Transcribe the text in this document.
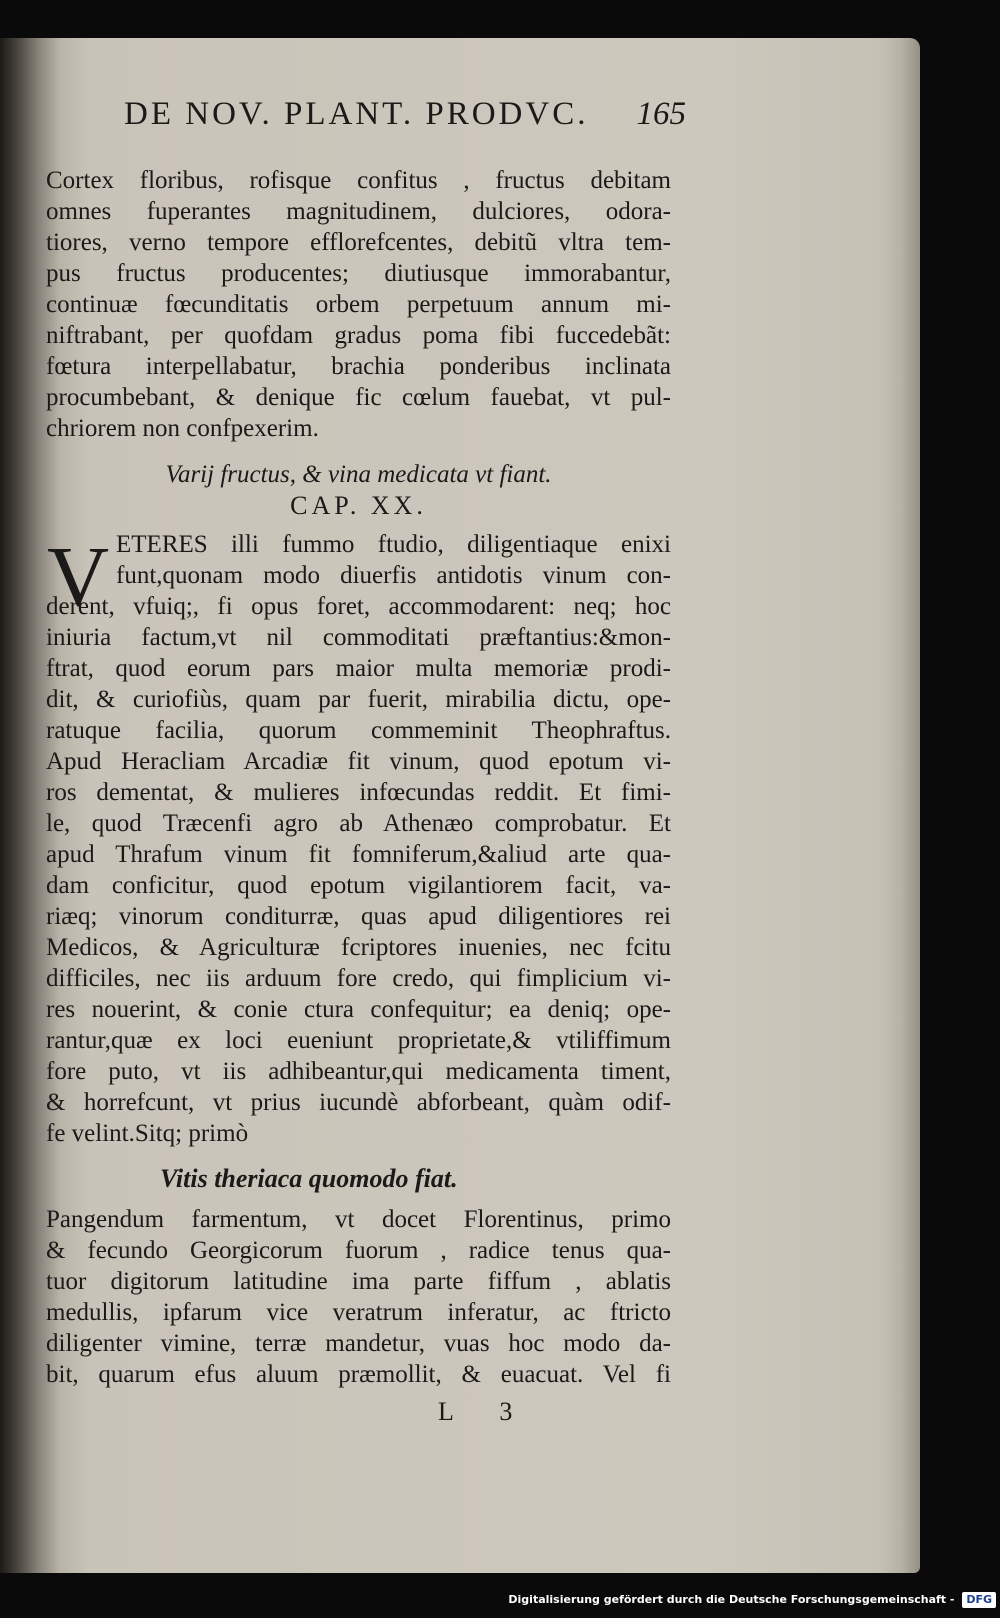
DE NOV. PLANT. PRODVC. 165
Cortex floribus, rofisque confitus , fructus debitam
omnes fuperantes magnitudinem, dulciores, odora-
tiores, verno tempore efflorefcentes, debitũ vltra tem-
pus fructus producentes; diutiusque immorabantur,
continuæ fœcunditatis orbem perpetuum annum mi-
niftrabant, per quofdam gradus poma fibi fuccedebãt:
fœtura interpellabatur, brachia ponderibus inclinata
procumbebant, & denique fic cœlum fauebat, vt pul-
chriorem non confpexerim.
Varij fructus, & vina medicata vt fiant.
CAP. XX.
V ETERES illi fummo ftudio, diligentiaque enixi
funt,quonam modo diuerfis antidotis vinum con-
derent, vfuiq;, fi opus foret, accommodarent: neq; hoc
iniuria factum,vt nil commoditati præftantius:&mon-
ftrat, quod eorum pars maior multa memoriæ prodi-
dit, & curiofiùs, quam par fuerit, mirabilia dictu, ope-
ratuque facilia, quorum commeminit Theophraftus.
Apud Heracliam Arcadiæ fit vinum, quod epotum vi-
ros dementat, & mulieres infœcundas reddit. Et fimi-
le, quod Træcenfi agro ab Athenæo comprobatur. Et
apud Thrafum vinum fit fomniferum,&aliud arte qua-
dam conficitur, quod epotum vigilantiorem facit, va-
riæq; vinorum conditurræ, quas apud diligentiores rei
Medicos, & Agriculturæ fcriptores inuenies, nec fcitu
difficiles, nec iis arduum fore credo, qui fimplicium vi-
res nouerint, & conie ctura confequitur; ea deniq; ope-
rantur,quæ ex loci eueniunt proprietate,& vtiliffimum
fore puto, vt iis adhibeantur,qui medicamenta timent,
& horrefcunt, vt prius iucundè abforbeant, quàm odif-
fe velint.Sitq; primò
Vitis theriaca quomodo fiat.
Pangendum farmentum, vt docet Florentinus, primo
& fecundo Georgicorum fuorum , radice tenus qua-
tuor digitorum latitudine ima parte fiffum , ablatis
medullis, ipfarum vice veratrum inferatur, ac ftricto
diligenter vimine, terræ mandetur, vuas hoc modo da-
bit, quarum efus aluum præmollit, & euacuat. Vel fi
L 3
Digitalisierung gefördert durch die Deutsche Forschungsgemeinschaft - DFG
